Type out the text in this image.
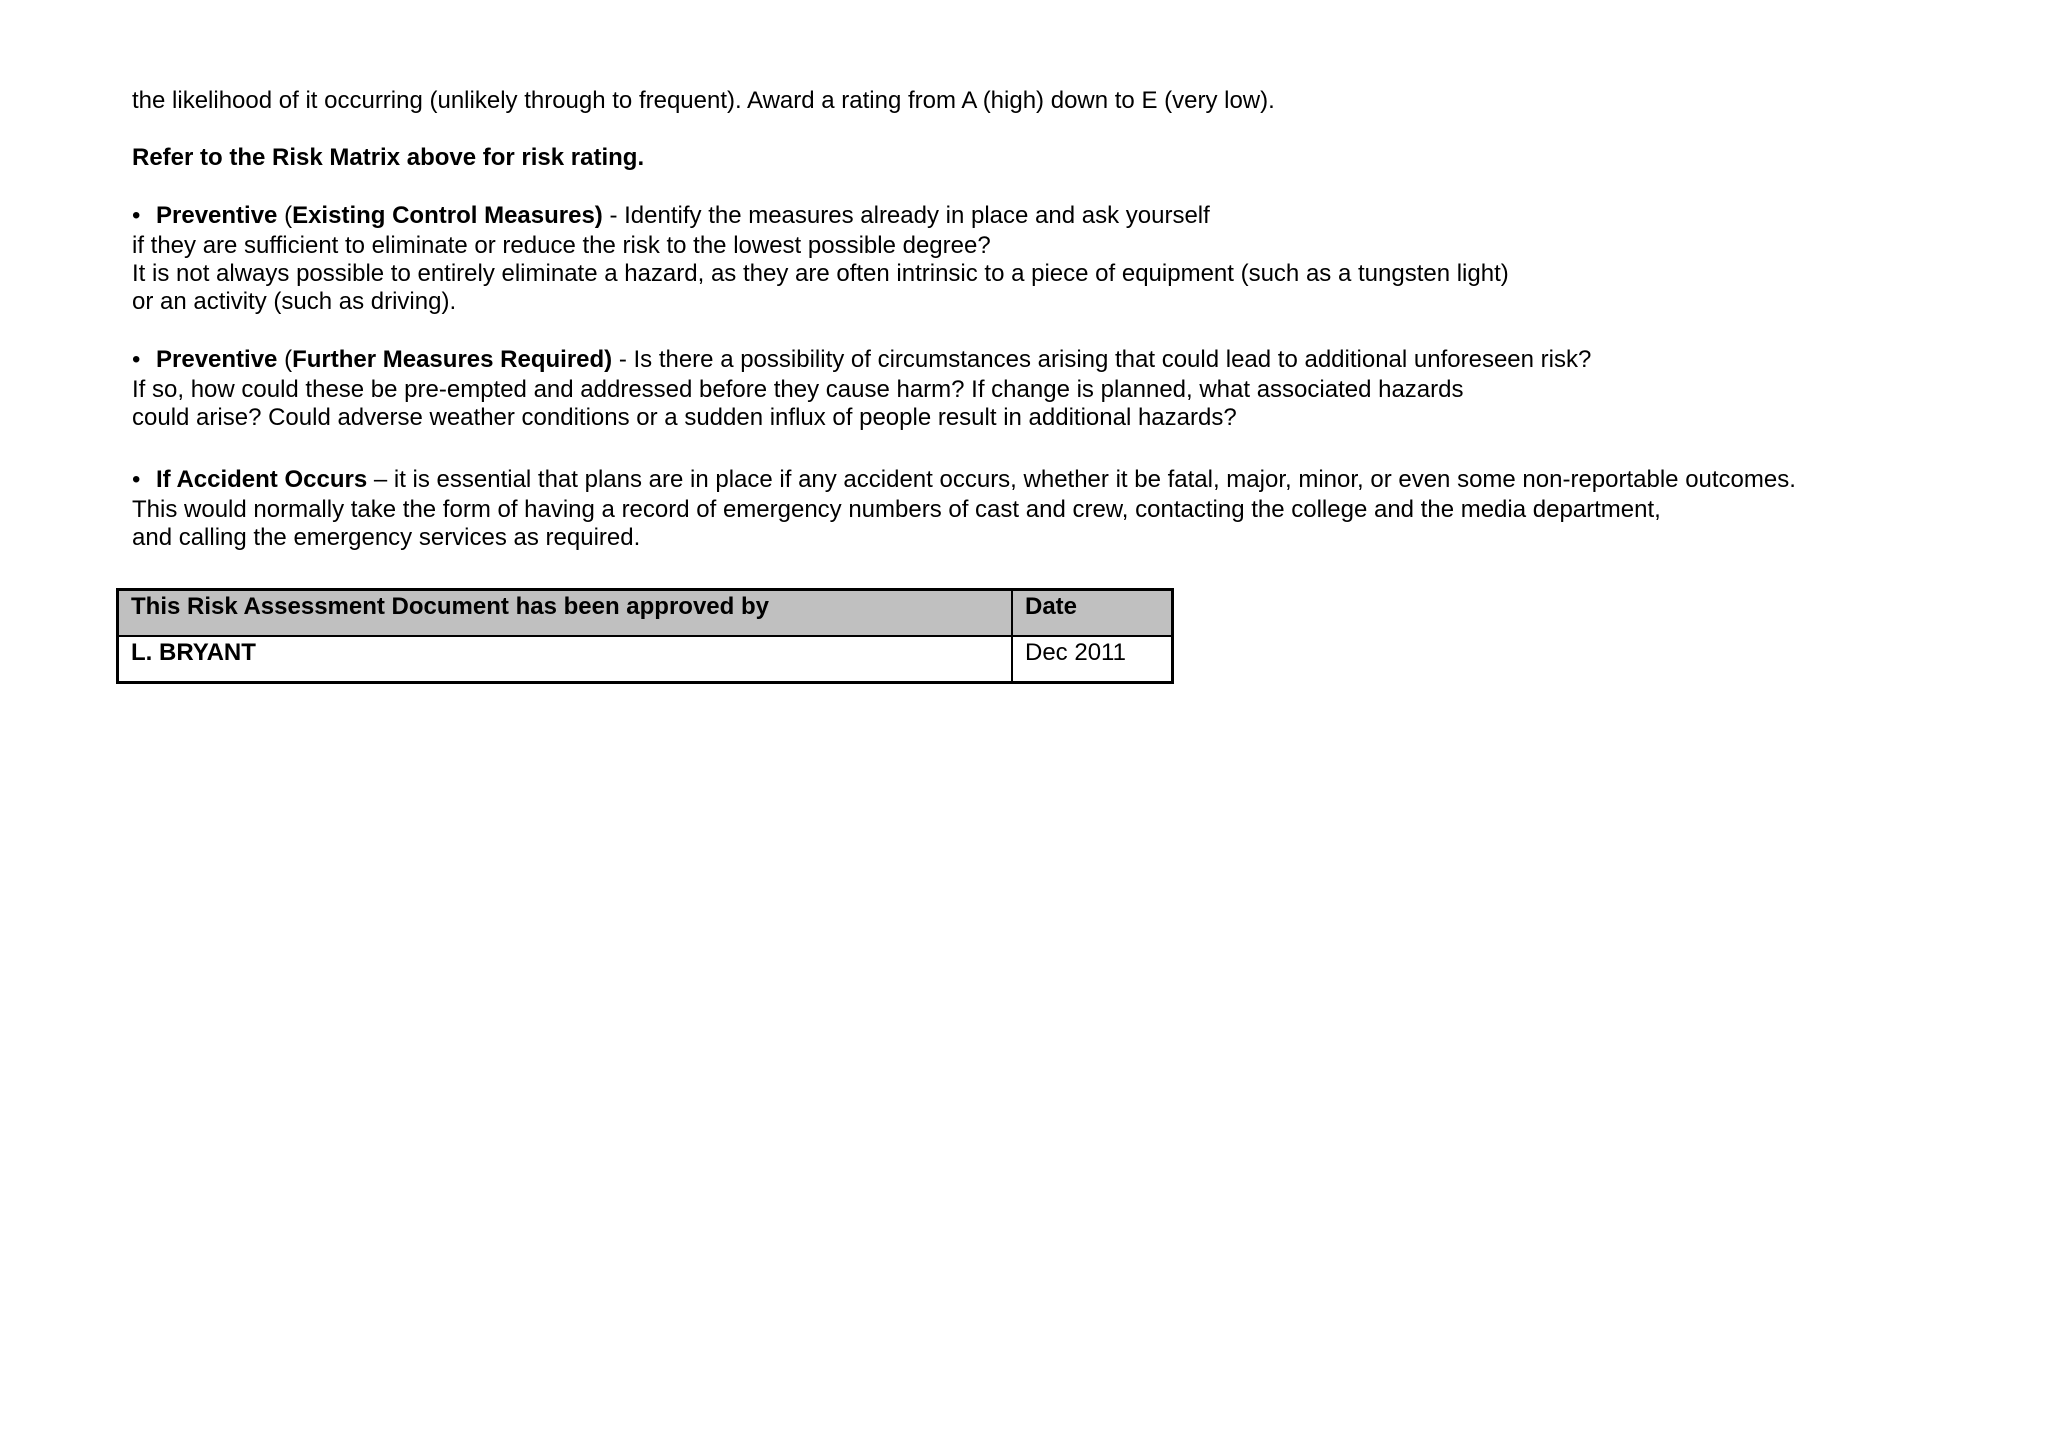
the likelihood of it occurring (unlikely through to frequent). Award a rating from A (high) down to E (very low).
Refer to the Risk Matrix above for risk rating.
• Preventive (Existing Control Measures) - Identify the measures already in place and ask yourself
if they are sufficient to eliminate or reduce the risk to the lowest possible degree?
It is not always possible to entirely eliminate a hazard, as they are often intrinsic to a piece of equipment (such as a tungsten light)
or an activity (such as driving).
• Preventive (Further Measures Required) - Is there a possibility of circumstances arising that could lead to additional unforeseen risk?
If so, how could these be pre-empted and addressed before they cause harm? If change is planned, what associated hazards
could arise? Could adverse weather conditions or a sudden influx of people result in additional hazards?
• If Accident Occurs – it is essential that plans are in place if any accident occurs, whether it be fatal, major, minor, or even some non-reportable outcomes.
This would normally take the form of having a record of emergency numbers of cast and crew, contacting the college and the media department,
and calling the emergency services as required.
This Risk Assessment Document has been approved by	Date
L. BRYANT	Dec 2011
